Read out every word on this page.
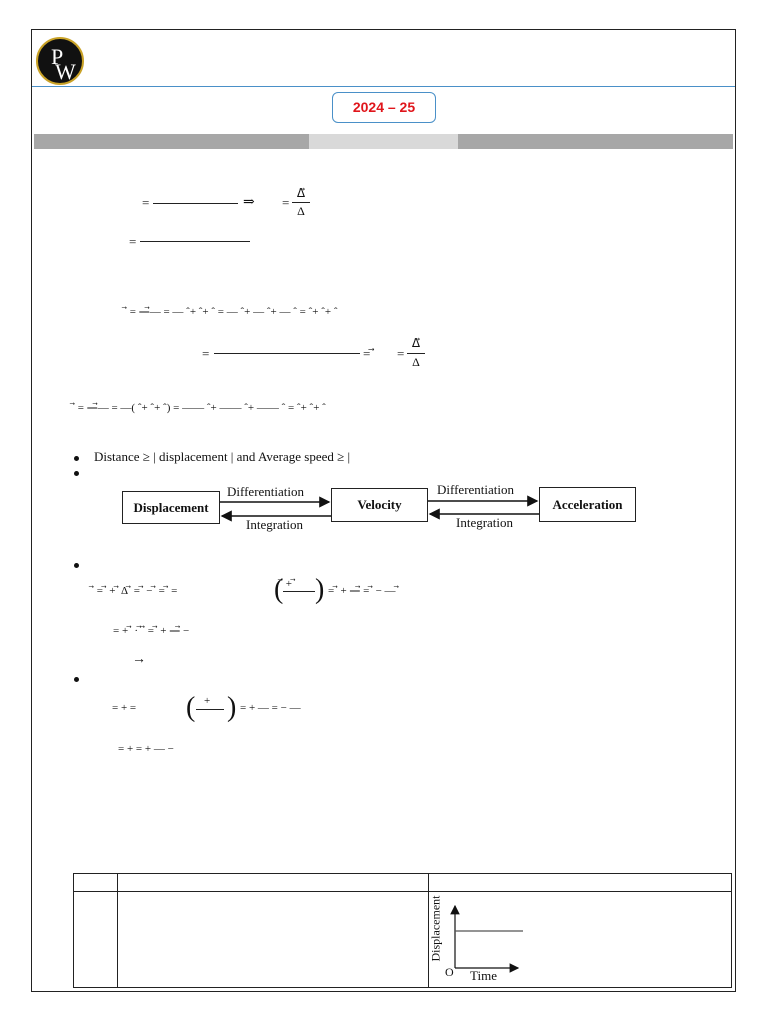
P
W
2024 – 25
=	⇒ =
Δ⃗
Δ
=
⃗ = —⃗— = — ˆ+ ˆ+ ˆ = — ˆ+ — ˆ+ — ˆ = ˆ+ ˆ+ ˆ
=	= ⃗ =
Δ⃗
Δ
⃗ = —⃗— = —( ˆ+ ˆ+ ˆ) = —— ˆ+ —— ˆ+ —— ˆ = ˆ+ ˆ+ ˆ
Distance ≥ | displacement | and Average speed ≥ |
Displacement	Velocity	Acceleration
Differentiation
Integration
Differentiation
Integration
⃗ = ⃗ + ⃗ Δ ⃗ = ⃗ − ⃗ = ⃗ =	( ⃗ + ⃗ ) = ⃗ + —⃗ = ⃗ − — ⃗
= + ⃗ · ⃗ ⃗ = ⃗ + —⃗ −
→
= + = ( + ) = + — = − —
= + = + — −

Displacement
Time
O
